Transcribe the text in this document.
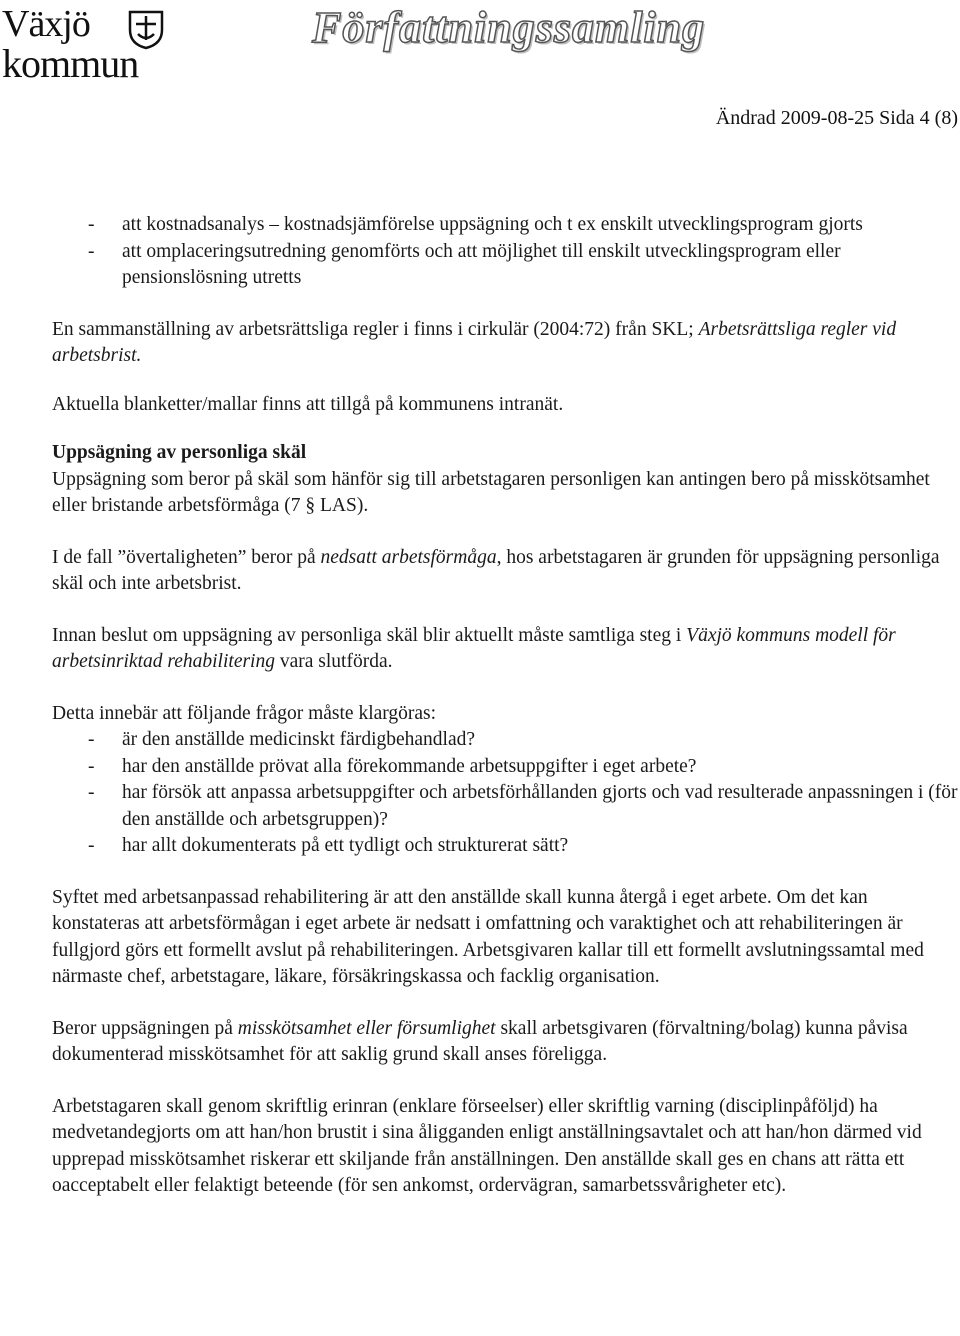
Växjö
kommun
Författningssamling
Ändrad 2009-08-25 Sida 4 (8)
- att kostnadsanalys – kostnadsjämförelse uppsägning och t ex enskilt utvecklingsprogram gjorts
- att omplaceringsutredning genomförts och att möjlighet till enskilt utvecklingsprogram eller pensionslösning utretts

En sammanställning av arbetsrättsliga regler i finns i cirkulär (2004:72) från SKL; Arbetsrättsliga regler vid arbetsbrist.

Aktuella blanketter/mallar finns att tillgå på kommunens intranät.

Uppsägning av personliga skäl

Uppsägning som beror på skäl som hänför sig till arbetstagaren personligen kan antingen bero på misskötsamhet eller bristande arbetsförmåga (7 § LAS).

I de fall ”övertaligheten” beror på nedsatt arbetsförmåga, hos arbetstagaren är grunden för uppsägning personliga skäl och inte arbetsbrist.

Innan beslut om uppsägning av personliga skäl blir aktuellt måste samtliga steg i Växjö kommuns modell för arbetsinriktad rehabilitering vara slutförda.

Detta innebär att följande frågor måste klargöras:

- är den anställde medicinskt färdigbehandlad?
- har den anställde prövat alla förekommande arbetsuppgifter i eget arbete?
- har försök att anpassa arbetsuppgifter och arbetsförhållanden gjorts och vad resulterade anpassningen i (för den anställde och arbetsgruppen)?
- har allt dokumenterats på ett tydligt och strukturerat sätt?

Syftet med arbetsanpassad rehabilitering är att den anställde skall kunna återgå i eget arbete. Om det kan konstateras att arbetsförmågan i eget arbete är nedsatt i omfattning och varaktighet och att rehabiliteringen är fullgjord görs ett formellt avslut på rehabiliteringen. Arbetsgivaren kallar till ett formellt avslutningssamtal med närmaste chef, arbetstagare, läkare, försäkringskassa och facklig organisation.

Beror uppsägningen på misskötsamhet eller försumlighet skall arbetsgivaren (förvaltning/bolag) kunna påvisa dokumenterad misskötsamhet för att saklig grund skall anses föreligga.

Arbetstagaren skall genom skriftlig erinran (enklare förseelser) eller skriftlig varning (disciplinpåföljd) ha medvetandegjorts om att han/hon brustit i sina åligganden enligt anställningsavtalet och att han/hon därmed vid upprepad misskötsamhet riskerar ett skiljande från anställningen. Den anställde skall ges en chans att rätta ett oacceptabelt eller felaktigt beteende (för sen ankomst, ordervägran, samarbetssvårigheter etc).
